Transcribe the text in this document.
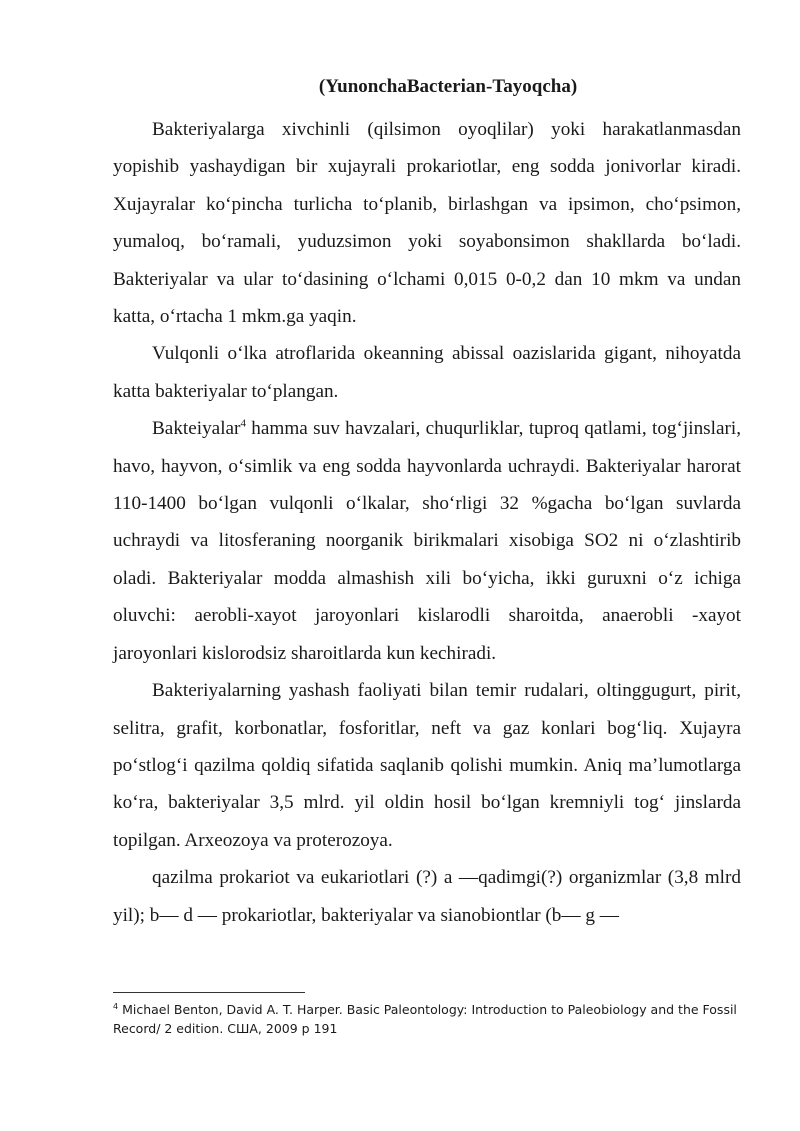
(YunonchaBacterian-Tayoqcha)

Bakteriyalarga xivchinli (qilsimon oyoqlilar) yoki harakatlanmasdan yopishib yashaydigan bir xujayrali prokariotlar, eng sodda jonivorlar kiradi. Xujayralar ko‘pincha turlicha to‘planib, birlashgan va ipsimon, cho‘psimon, yumaloq, bo‘ramali, yuduzsimon yoki soyabonsimon shakllarda bo‘ladi. Bakteriyalar va ular to‘dasining o‘lchami 0,015 0-0,2 dan 10 mkm va undan katta, o‘rtacha 1 mkm.ga yaqin.

Vulqonli o‘lka atroflarida okeanning abissal oazislarida gigant, nihoyatda katta bakteriyalar to‘plangan.

Bakteiyalar$^4$ hamma suv havzalari, chuqurliklar, tuproq qatlami, tog‘jinslari, havo, hayvon, o‘simlik va eng sodda hayvonlarda uchraydi. Bakteriyalar harorat 110-1400 bo‘lgan vulqonli o‘lkalar, sho‘rligi 32 %gacha bo‘lgan suvlarda uchraydi va litosferaning noorganik birikmalari xisobiga SO2 ni o‘zlashtirib oladi. Bakteriyalar modda almashish xili bo‘yicha, ikki guruxni o‘z ichiga oluvchi: aerobli-xayot jaroyonlari kislarodli sharoitda, anaerobli -xayot jaroyonlari kislorodsiz sharoitlarda kun kechiradi.

Bakteriyalarning yashash faoliyati bilan temir rudalari, oltinggugurt, pirit, selitra, grafit, korbonatlar, fosforitlar, neft va gaz konlari bog‘liq. Xujayra po‘stlog‘i qazilma qoldiq sifatida saqlanib qolishi mumkin. Aniq ma’lumotlarga ko‘ra, bakteriyalar 3,5 mlrd. yil oldin hosil bo‘lgan kremniyli tog‘ jinslarda topilgan. Arxeozoya va proterozoya.

qazilma prokariot va eukariotlari (?) a —qadimgi(?) organizmlar (3,8 mlrd yil); b— d — prokariotlar, bakteriyalar va sianobiontlar (b— g —

$^4$ Michael Benton, David A. T. Harper. Basic Paleontology: Introduction to Paleobiology and the Fossil Record/ 2 edition. США, 2009 p 191
